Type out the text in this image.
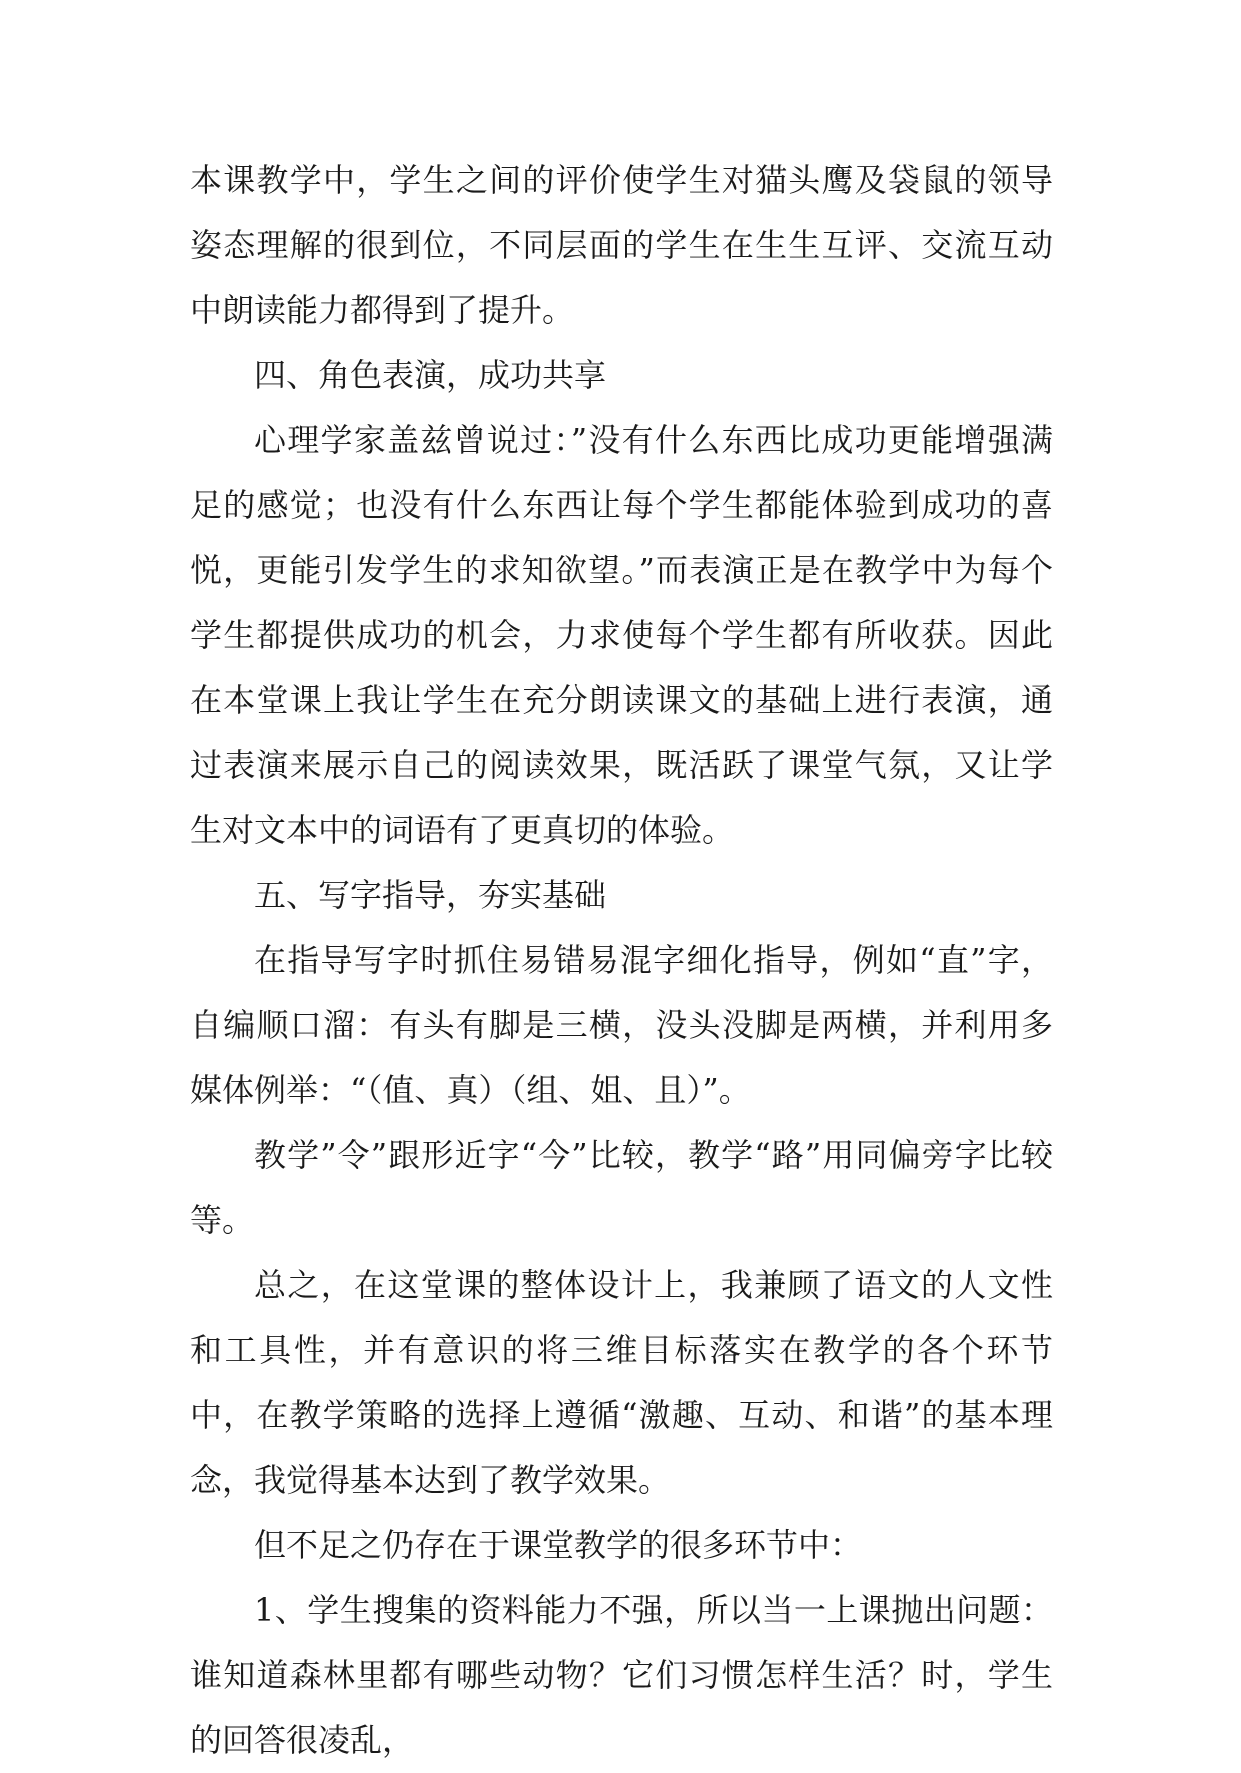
本课教学中，学生之间的评价使学生对猫头鹰及袋鼠的领导姿态理解的很到位，不同层面的学生在生生互评、交流互动中朗读能力都得到了提升。

四、角色表演，成功共享

心理学家盖兹曾说过：”没有什么东西比成功更能增强满足的感觉；也没有什么东西让每个学生都能体验到成功的喜悦，更能引发学生的求知欲望。”而表演正是在教学中为每个学生都提供成功的机会，力求使每个学生都有所收获。因此在本堂课上我让学生在充分朗读课文的基础上进行表演，通过表演来展示自己的阅读效果，既活跃了课堂气氛，又让学生对文本中的词语有了更真切的体验。

五、写字指导，夯实基础

在指导写字时抓住易错易混字细化指导，例如“直”字，自编顺口溜：有头有脚是三横，没头没脚是两横，并利用多媒体例举：“（值、真）（组、姐、且）”。

教学”令”跟形近字“今”比较，教学“路”用同偏旁字比较等。

总之，在这堂课的整体设计上，我兼顾了语文的人文性和工具性，并有意识的将三维目标落实在教学的各个环节中，在教学策略的选择上遵循“激趣、互动、和谐”的基本理念，我觉得基本达到了教学效果。

但不足之仍存在于课堂教学的很多环节中：

1、学生搜集的资料能力不强，所以当一上课抛出问题：谁知道森林里都有哪些动物？它们习惯怎样生活？时，学生的回答很凌乱，
